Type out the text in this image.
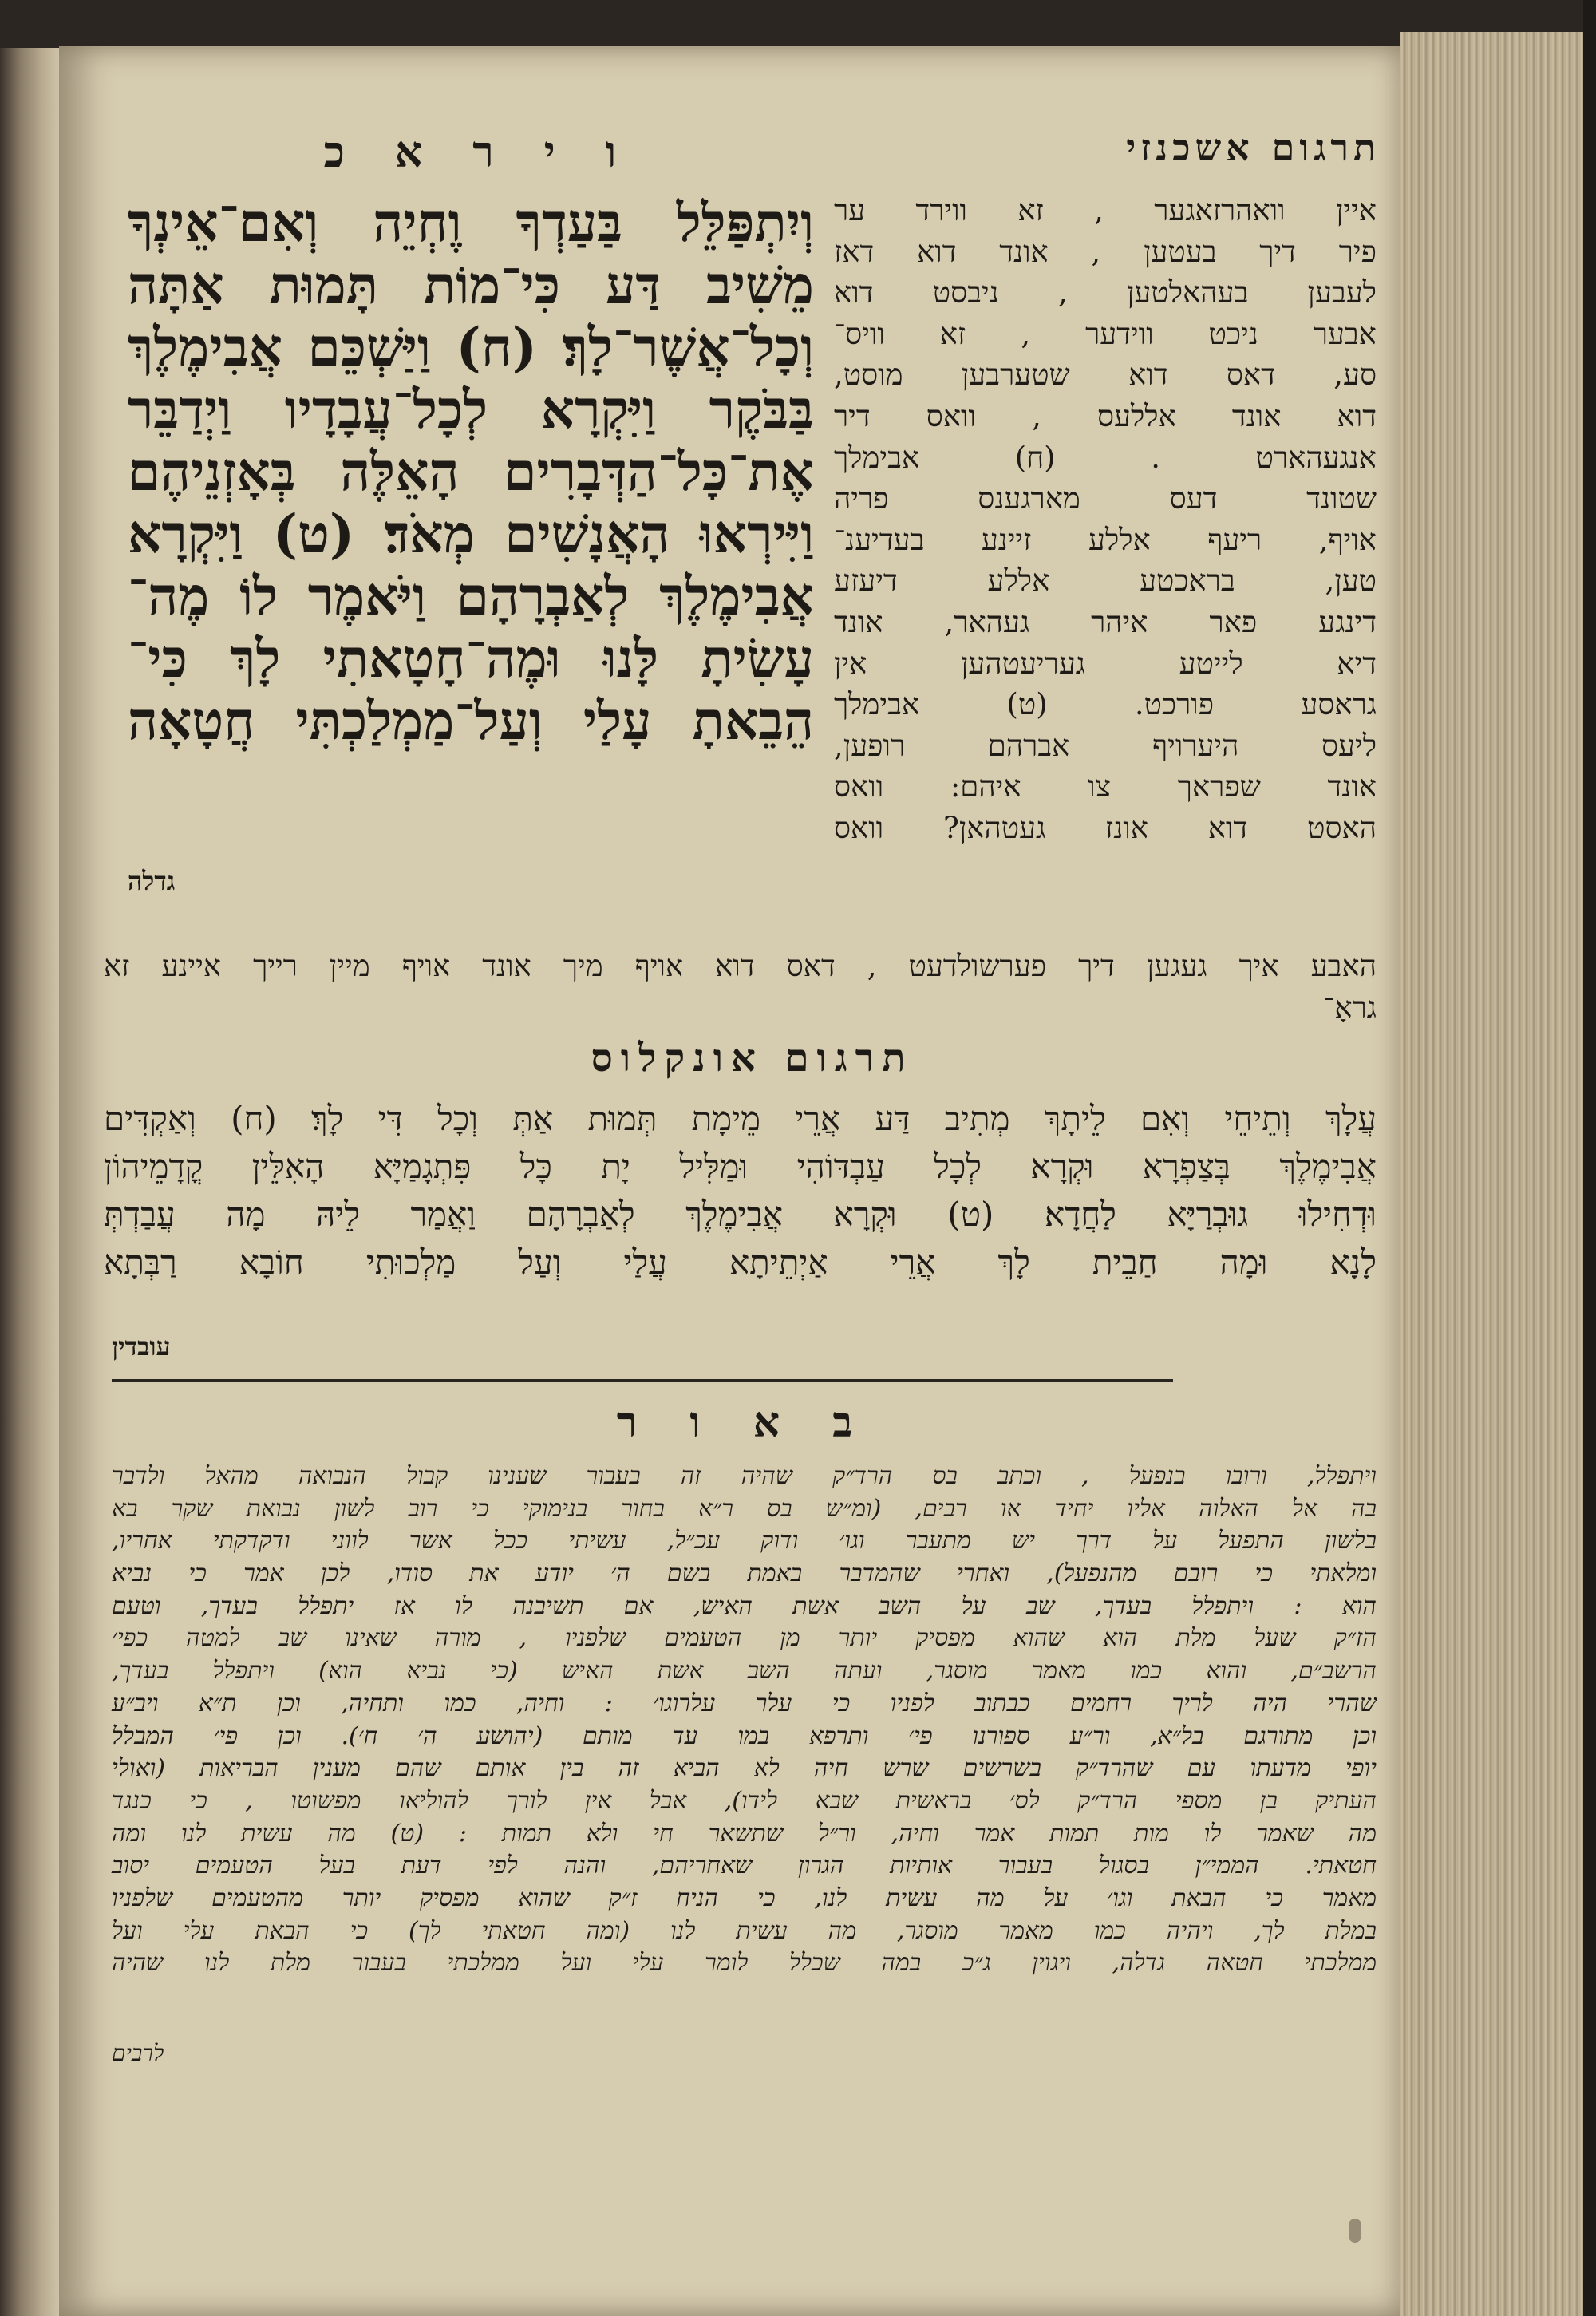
ו י ר א כ	תרגום אשכנזי
וְיִתְפַּלֵּל בַּעַדְךָ וֶחְיֵה וְאִם־אֵינְךָ
מֵשִׁיב דַּע כִּי־מוֹת תָּמוּת אַתָּה
וְכָל־אֲשֶׁר־לָךְ׃ (ח) וַיַּשְׁכֵּם אֲבִימֶלֶךְ
בַּבֹּקֶר וַיִּקְרָא לְכָל־עֲבָדָיו וַיְדַבֵּר
אֶת־כָּל־הַדְּבָרִים הָאֵלֶּה בְּאָזְנֵיהֶם
וַיִּירְאוּ הָאֲנָשִׁים מְאֹד׃ (ט) וַיִּקְרָא
אֲבִימֶלֶךְ לְאַבְרָהָם וַיֹּאמֶר לוֹ מֶה־
עָשִׂיתָ לָּנוּ וּמֶה־חָטָאתִי לָךְ כִּי־
הֵבֵאתָ עָלַי וְעַל־מַמְלַכְתִּי חֲטָאָה
גדלה
איין וואהרזאגער , זא ווירד ער
פיר דיך בעטען , אונד דוא דאז
לעבען בעהאלטען , ניבסט דוא
אבער ניכט ווידער , זא וויס־
סע, דאס דוא שטערבען מוסט,
דוא אונד אללעס , וואס דיר
אנגעהארט . (ח) אבימלך
שטונד דעס מארגענס פריה
אויף, ריעף אללע זיינע בעדיענ־
טען, בראכטע אללע דיעזע
דינגע פאר איהר געהאר, אונד
דיא לייטע געריעטהען אין
גראסע פורכט. (ט) אבימלך
ליעס היערויף אברהם רופען,
אונד שפראך צו איהם: וואס
האסט דוא אונז געטהאן? וואס
האבע איך געגען דיך פערשולדעט , דאס דוא אויף מיך אונד אויף מיין רייך איינע זא
גראָ־
תרגום אונקלוס
עֲלָךְ וְתֵיחֵי וְאִם לֵיתָךְ מְתִיב דַּע אֲרֵי מֵימָת תְּמוּת אַתְּ וְכָל דִּי לָךְ׃ (ח) וְאַקְדִּים
אֲבִימֶלֶךְ בְּצַפְרָא וּקְרָא לְכָל עַבְדּוֹהִי וּמַלִּיל יָת כָּל פִּתְגָמַיָּא הָאִלֵּין קֳדָמֵיהוֹן
וּדְחִילוּ גוּבְרַיָּא לַחֲדָא׃ (ט) וּקְרָא אֲבִימֶלֶךְ לְאַבְרָהָם וַאֲמַר לֵיהּ מָה עֲבַדְתְּ
לָנָא וּמָה חַבֵית לָךְ אֲרֵי אַיְתֵיתָא עֲלַי וְעַל מַלְכוּתִי חוֹבָא רַבְּתָא
עובדין
ב א ו ר
ויתפלל, ורובו בנפעל , וכתב בס הרד״ק שהיה זה בעבור שענינו קבול הנבואה מהאל ולדבר
בה אל האלוה אליו יחיד או רבים, (ומ״ש בס ר״א בחור בנימוקי כי רוב לשון נבואת שקר בא
בלשון התפעל על דרך יש מתעבר וגו׳ ודוק עכ״ל, עשיתי ככל אשר לווני ודקדקתי אחריו,
ומלאתי כי רובם מהנפעל), ואחרי שהמדבר באמת בשם ה׳ יודע את סודו, לכן אמר כי נביא
הוא : ויתפלל בעדך, שב על השב אשת האיש, אם תשיבנה לו אז יתפלל בעדך, וטעם
הז״ק שעל מלת הוא שהוא מפסיק יותר מן הטעמים שלפניו , מורה שאינו שב למטה כפי׳
הרשב״ם, והוא כמו מאמר מוסגר, ועתה השב אשת האיש (כי נביא הוא) ויתפלל בעדך,
שהרי היה לריך רחמים כבתוב לפניו כי עלר עלרוגו׳ : וחיה, כמו ותחיה, וכן ת״א ויב״ע
וכן מתורגם בל״א, ור״ע ספורנו פי׳ ותרפא במו עד מותם (יהושע ה׳ ח׳). וכן פי׳ המבלל
יופי מדעתו עם שהרד״ק בשרשים שרש חיה לא הביא זה בין אותם שהם מענין הבריאות (ואולי
העתיק בן מספי הרד״ק לס׳ בראשית שבא לידו), אבל אין לורך להוליאו מפשוטו , כי כנגד
מה שאמר לו מות תמות אמר וחיה, ור״ל שתשאר חי ולא תמות : (ט) מה עשית לנו ומה
חטאתי. הממי״ן בסגול בעבור אותיות הגרון שאחריהם, והנה לפי דעת בעל הטעמים יסוב
מאמר כי הבאת וגו׳ על מה עשית לנו, כי הניח ז״ק שהוא מפסיק יותר מהטעמים שלפניו
במלת לך, ויהיה כמו מאמר מוסגר, מה עשית לנו (ומה חטאתי לך) כי הבאת עלי ועל
ממלכתי חטאה גדלה, ויגוין ג״כ במה שכלל לומר עלי ועל ממלכתי בעבור מלת לנו שהיה
לרבים
